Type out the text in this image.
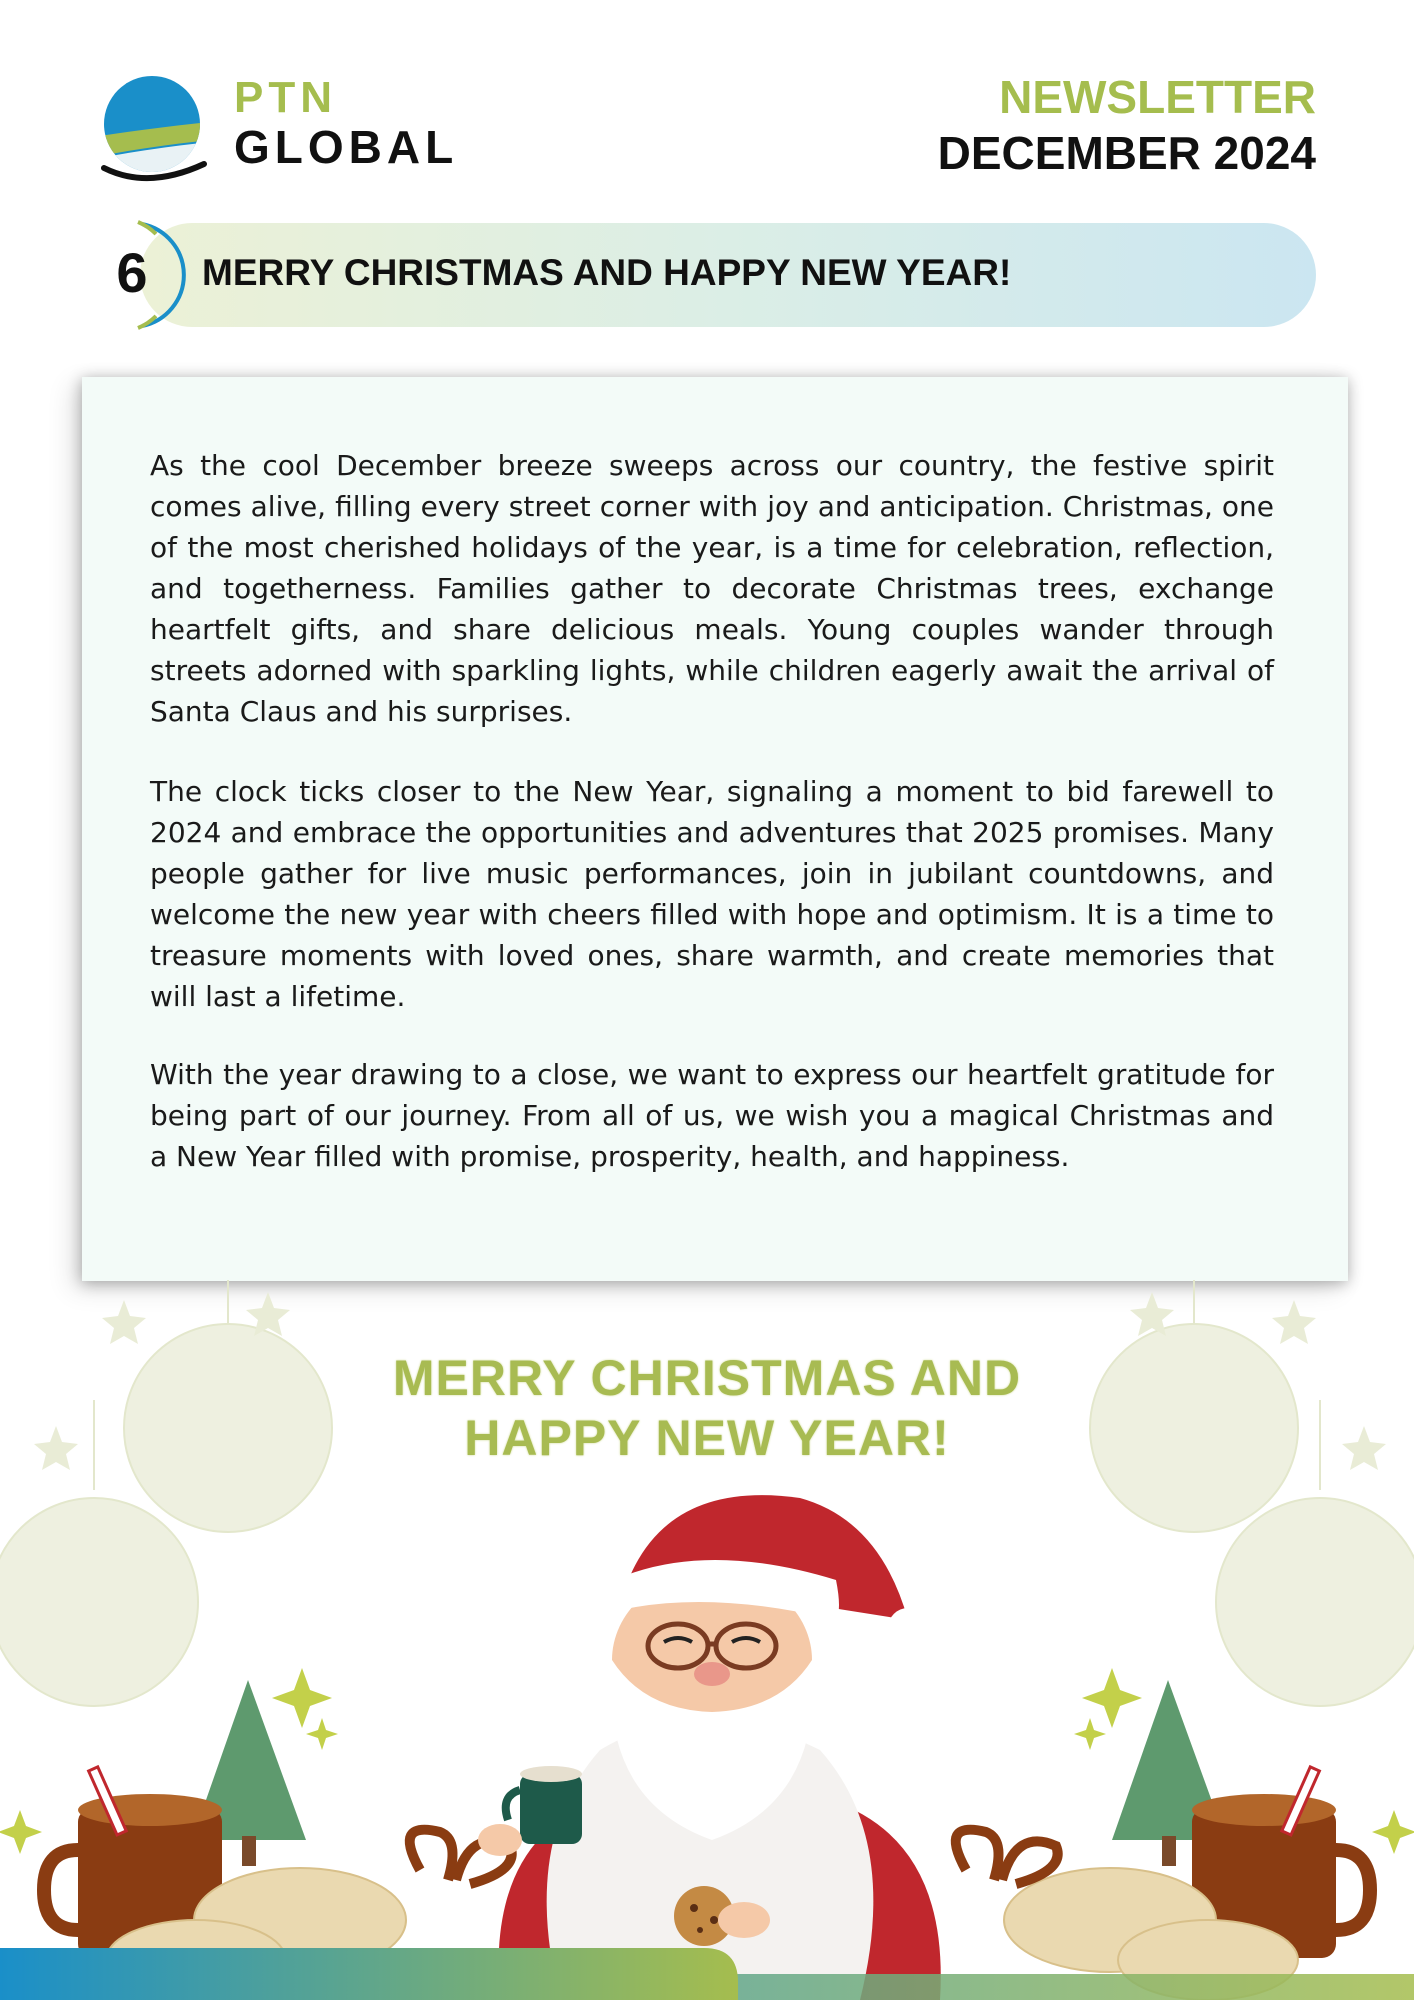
PTN
GLOBAL
NEWSLETTER
DECEMBER 2024
6 MERRY CHRISTMAS AND HAPPY NEW YEAR!

As the cool December breeze sweeps across our country, the festive spirit comes alive, filling every street corner with joy and anticipation. Christmas, one of the most cherished holidays of the year, is a time for celebration, reflection, and togetherness. Families gather to decorate Christmas trees, exchange heartfelt gifts, and share delicious meals. Young couples wander through streets adorned with sparkling lights, while children eagerly await the arrival of Santa Claus and his surprises.

The clock ticks closer to the New Year, signaling a moment to bid farewell to 2024 and embrace the opportunities and adventures that 2025 promises. Many people gather for live music performances, join in jubilant countdowns, and welcome the new year with cheers filled with hope and optimism. It is a time to treasure moments with loved ones, share warmth, and create memories that will last a lifetime.

With the year drawing to a close, we want to express our heartfelt gratitude for being part of our journey. From all of us, we wish you a magical Christmas and a New Year filled with promise, prosperity, health, and happiness.

MERRY CHRISTMAS AND
HAPPY NEW YEAR!
